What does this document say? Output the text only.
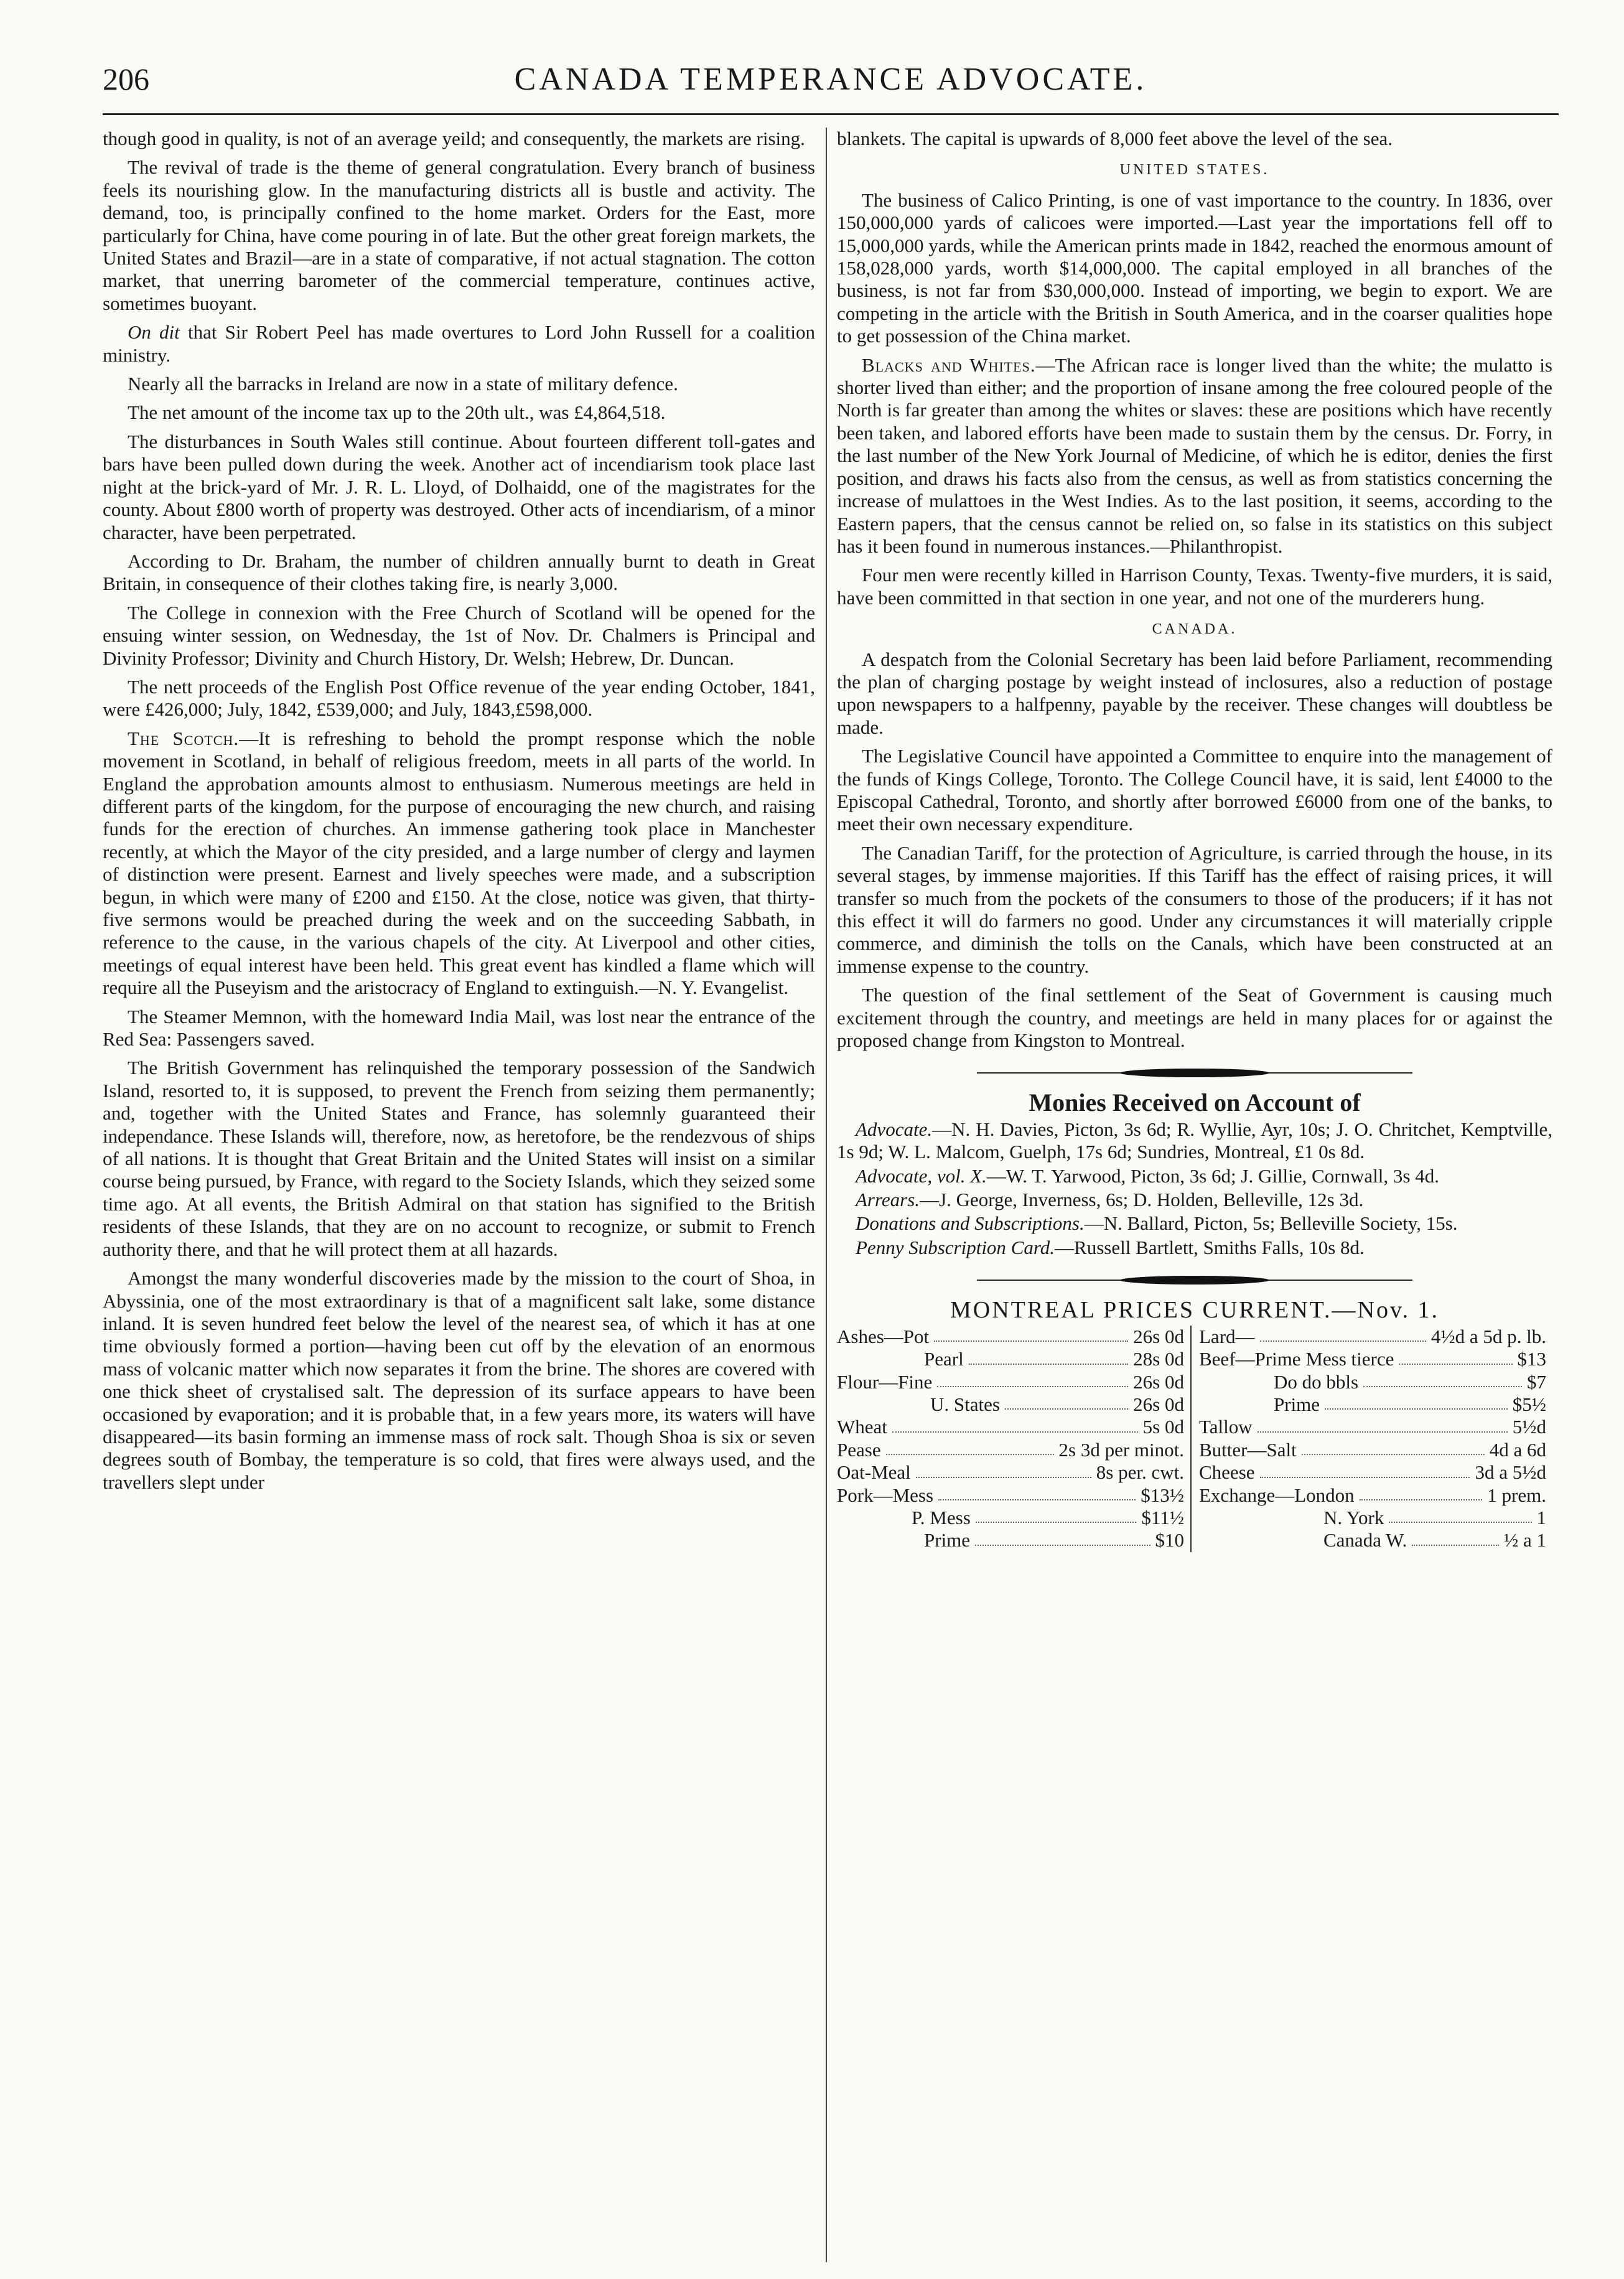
206	CANADA TEMPERANCE ADVOCATE.

though good in quality, is not of an average yeild; and consequently, the markets are rising.

The revival of trade is the theme of general congratulation. Every branch of business feels its nourishing glow. In the manufacturing districts all is bustle and activity. The demand, too, is principally confined to the home market. Orders for the East, more particularly for China, have come pouring in of late. But the other great foreign markets, the United States and Brazil—are in a state of comparative, if not actual stagnation. The cotton market, that unerring barometer of the commercial temperature, continues active, sometimes buoyant.

On dit that Sir Robert Peel has made overtures to Lord John Russell for a coalition ministry.

Nearly all the barracks in Ireland are now in a state of military defence.

The net amount of the income tax up to the 20th ult., was £4,864,518.

The disturbances in South Wales still continue. About fourteen different toll-gates and bars have been pulled down during the week. Another act of incendiarism took place last night at the brick-yard of Mr. J. R. L. Lloyd, of Dolhaidd, one of the magistrates for the county. About £800 worth of property was destroyed. Other acts of incendiarism, of a minor character, have been perpetrated.

According to Dr. Braham, the number of children annually burnt to death in Great Britain, in consequence of their clothes taking fire, is nearly 3,000.

The College in connexion with the Free Church of Scotland will be opened for the ensuing winter session, on Wednesday, the 1st of Nov. Dr. Chalmers is Principal and Divinity Professor; Divinity and Church History, Dr. Welsh; Hebrew, Dr. Duncan.

The nett proceeds of the English Post Office revenue of the year ending October, 1841, were £426,000; July, 1842, £539,000; and July, 1843,£598,000.

The Scotch.—It is refreshing to behold the prompt response which the noble movement in Scotland, in behalf of religious freedom, meets in all parts of the world. In England the approbation amounts almost to enthusiasm. Numerous meetings are held in different parts of the kingdom, for the purpose of encouraging the new church, and raising funds for the erection of churches. An immense gathering took place in Manchester recently, at which the Mayor of the city presided, and a large number of clergy and laymen of distinction were present. Earnest and lively speeches were made, and a subscription begun, in which were many of £200 and £150. At the close, notice was given, that thirty-five sermons would be preached during the week and on the succeeding Sabbath, in reference to the cause, in the various chapels of the city. At Liverpool and other cities, meetings of equal interest have been held. This great event has kindled a flame which will require all the Puseyism and the aristocracy of England to extinguish.—N. Y. Evangelist.

The Steamer Memnon, with the homeward India Mail, was lost near the entrance of the Red Sea: Passengers saved.

The British Government has relinquished the temporary possession of the Sandwich Island, resorted to, it is supposed, to prevent the French from seizing them permanently; and, together with the United States and France, has solemnly guaranteed their independance. These Islands will, therefore, now, as heretofore, be the rendezvous of ships of all nations. It is thought that Great Britain and the United States will insist on a similar course being pursued, by France, with regard to the Society Islands, which they seized some time ago. At all events, the British Admiral on that station has signified to the British residents of these Islands, that they are on no account to recognize, or submit to French authority there, and that he will protect them at all hazards.

Amongst the many wonderful discoveries made by the mission to the court of Shoa, in Abyssinia, one of the most extraordinary is that of a magnificent salt lake, some distance inland. It is seven hundred feet below the level of the nearest sea, of which it has at one time obviously formed a portion—having been cut off by the elevation of an enormous mass of volcanic matter which now separates it from the brine. The shores are covered with one thick sheet of crystalised salt. The depression of its surface appears to have been occasioned by evaporation; and it is probable that, in a few years more, its waters will have disappeared—its basin forming an immense mass of rock salt. Though Shoa is six or seven degrees south of Bombay, the temperature is so cold, that fires were always used, and the travellers slept under

blankets. The capital is upwards of 8,000 feet above the level of the sea.

UNITED STATES.

The business of Calico Printing, is one of vast importance to the country. In 1836, over 150,000,000 yards of calicoes were imported.—Last year the importations fell off to 15,000,000 yards, while the American prints made in 1842, reached the enormous amount of 158,028,000 yards, worth $14,000,000. The capital employed in all branches of the business, is not far from $30,000,000. Instead of importing, we begin to export. We are competing in the article with the British in South America, and in the coarser qualities hope to get possession of the China market.

Blacks and Whites.—The African race is longer lived than the white; the mulatto is shorter lived than either; and the proportion of insane among the free coloured people of the North is far greater than among the whites or slaves: these are positions which have recently been taken, and labored efforts have been made to sustain them by the census. Dr. Forry, in the last number of the New York Journal of Medicine, of which he is editor, denies the first position, and draws his facts also from the census, as well as from statistics concerning the increase of mulattoes in the West Indies. As to the last position, it seems, according to the Eastern papers, that the census cannot be relied on, so false in its statistics on this subject has it been found in numerous instances.—Philanthropist.

Four men were recently killed in Harrison County, Texas. Twenty-five murders, it is said, have been committed in that section in one year, and not one of the murderers hung.

CANADA.

A despatch from the Colonial Secretary has been laid before Parliament, recommending the plan of charging postage by weight instead of inclosures, also a reduction of postage upon newspapers to a halfpenny, payable by the receiver. These changes will doubtless be made.

The Legislative Council have appointed a Committee to enquire into the management of the funds of Kings College, Toronto. The College Council have, it is said, lent £4000 to the Episcopal Cathedral, Toronto, and shortly after borrowed £6000 from one of the banks, to meet their own necessary expenditure.

The Canadian Tariff, for the protection of Agriculture, is carried through the house, in its several stages, by immense majorities. If this Tariff has the effect of raising prices, it will transfer so much from the pockets of the consumers to those of the producers; if it has not this effect it will do farmers no good. Under any circumstances it will materially cripple commerce, and diminish the tolls on the Canals, which have been constructed at an immense expense to the country.

The question of the final settlement of the Seat of Government is causing much excitement through the country, and meetings are held in many places for or against the proposed change from Kingston to Montreal.

Monies Received on Account of

Advocate.—N. H. Davies, Picton, 3s 6d; R. Wyllie, Ayr, 10s; J. O. Chritchet, Kemptville, 1s 9d; W. L. Malcom, Guelph, 17s 6d; Sundries, Montreal, £1 0s 8d.

Advocate, vol. X.—W. T. Yarwood, Picton, 3s 6d; J. Gillie, Cornwall, 3s 4d.

Arrears.—J. George, Inverness, 6s; D. Holden, Belleville, 12s 3d.

Donations and Subscriptions.—N. Ballard, Picton, 5s; Belleville Society, 15s.

Penny Subscription Card.—Russell Bartlett, Smiths Falls, 10s 8d.

MONTREAL PRICES CURRENT.—Nov. 1.
Ashes—Pot	26s 0d
Pearl	28s 0d
Flour—Fine	26s 0d
U. States	26s 0d
Wheat	5s 0d
Pease	2s 3d per minot.
Oat-Meal	8s per. cwt.
Pork—Mess	$13½
P. Mess	$11½
Prime	$10
Lard—	4½d a 5d p. lb.
Beef—Prime Mess tierce	$13
Do do bbls	$7
Prime	$5½
Tallow	5½d
Butter—Salt	4d a 6d
Cheese	3d a 5½d
Exchange—London	1 prem.
N. York	1
Canada W.	½ a 1
